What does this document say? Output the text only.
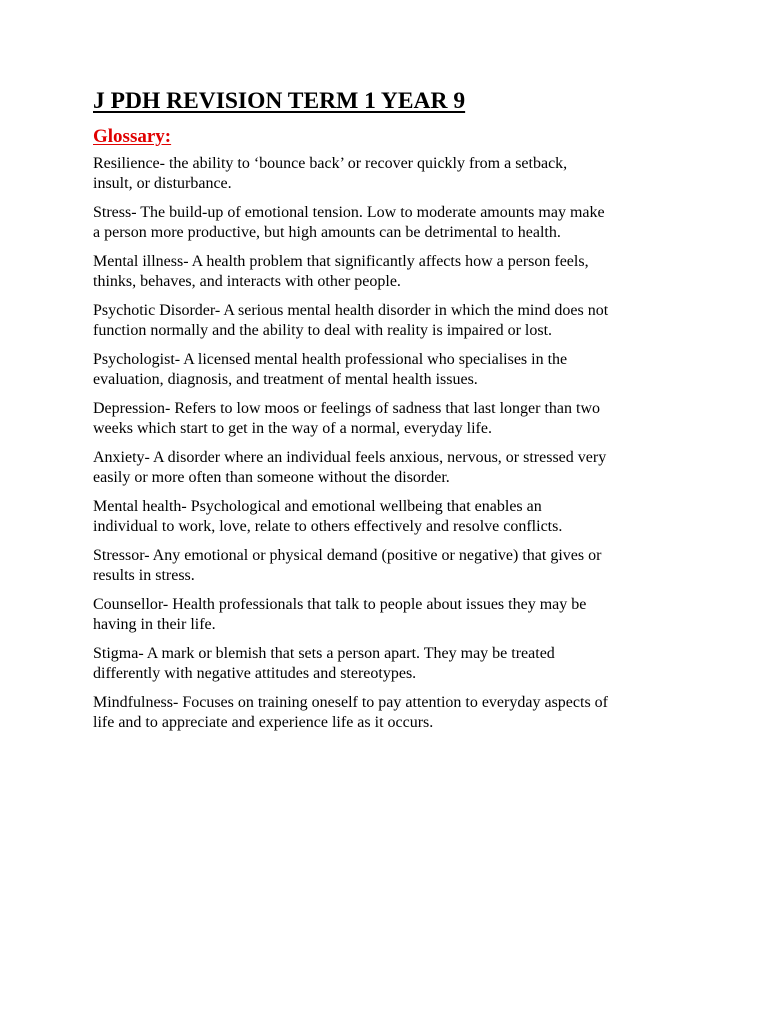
J PDH REVISION TERM 1 YEAR 9
Glossary:

Resilience- the ability to ‘bounce back’ or recover quickly from a setback,
insult, or disturbance.

Stress- The build-up of emotional tension. Low to moderate amounts may make
a person more productive, but high amounts can be detrimental to health.

Mental illness- A health problem that significantly affects how a person feels,
thinks, behaves, and interacts with other people.

Psychotic Disorder- A serious mental health disorder in which the mind does not
function normally and the ability to deal with reality is impaired or lost.

Psychologist- A licensed mental health professional who specialises in the
evaluation, diagnosis, and treatment of mental health issues.

Depression- Refers to low moos or feelings of sadness that last longer than two
weeks which start to get in the way of a normal, everyday life.

Anxiety- A disorder where an individual feels anxious, nervous, or stressed very
easily or more often than someone without the disorder.

Mental health- Psychological and emotional wellbeing that enables an
individual to work, love, relate to others effectively and resolve conflicts.

Stressor- Any emotional or physical demand (positive or negative) that gives or
results in stress.

Counsellor- Health professionals that talk to people about issues they may be
having in their life.

Stigma- A mark or blemish that sets a person apart. They may be treated
differently with negative attitudes and stereotypes.

Mindfulness- Focuses on training oneself to pay attention to everyday aspects of
life and to appreciate and experience life as it occurs.
